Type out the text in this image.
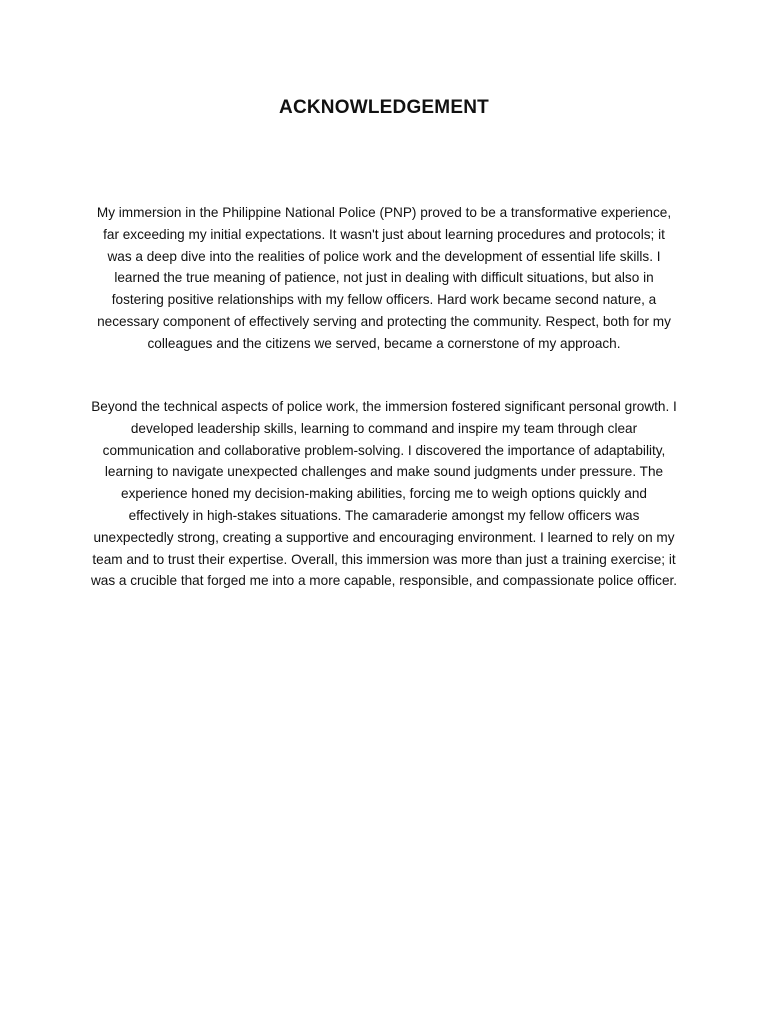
ACKNOWLEDGEMENT

My immersion in the Philippine National Police (PNP) proved to be a transformative experience, far exceeding my initial expectations. It wasn't just about learning procedures and protocols; it was a deep dive into the realities of police work and the development of essential life skills. I learned the true meaning of patience, not just in dealing with difficult situations, but also in fostering positive relationships with my fellow officers. Hard work became second nature, a necessary component of effectively serving and protecting the community. Respect, both for my colleagues and the citizens we served, became a cornerstone of my approach.

Beyond the technical aspects of police work, the immersion fostered significant personal growth. I developed leadership skills, learning to command and inspire my team through clear communication and collaborative problem-solving. I discovered the importance of adaptability, learning to navigate unexpected challenges and make sound judgments under pressure. The experience honed my decision-making abilities, forcing me to weigh options quickly and effectively in high-stakes situations. The camaraderie amongst my fellow officers was unexpectedly strong, creating a supportive and encouraging environment. I learned to rely on my team and to trust their expertise. Overall, this immersion was more than just a training exercise; it was a crucible that forged me into a more capable, responsible, and compassionate police officer.
